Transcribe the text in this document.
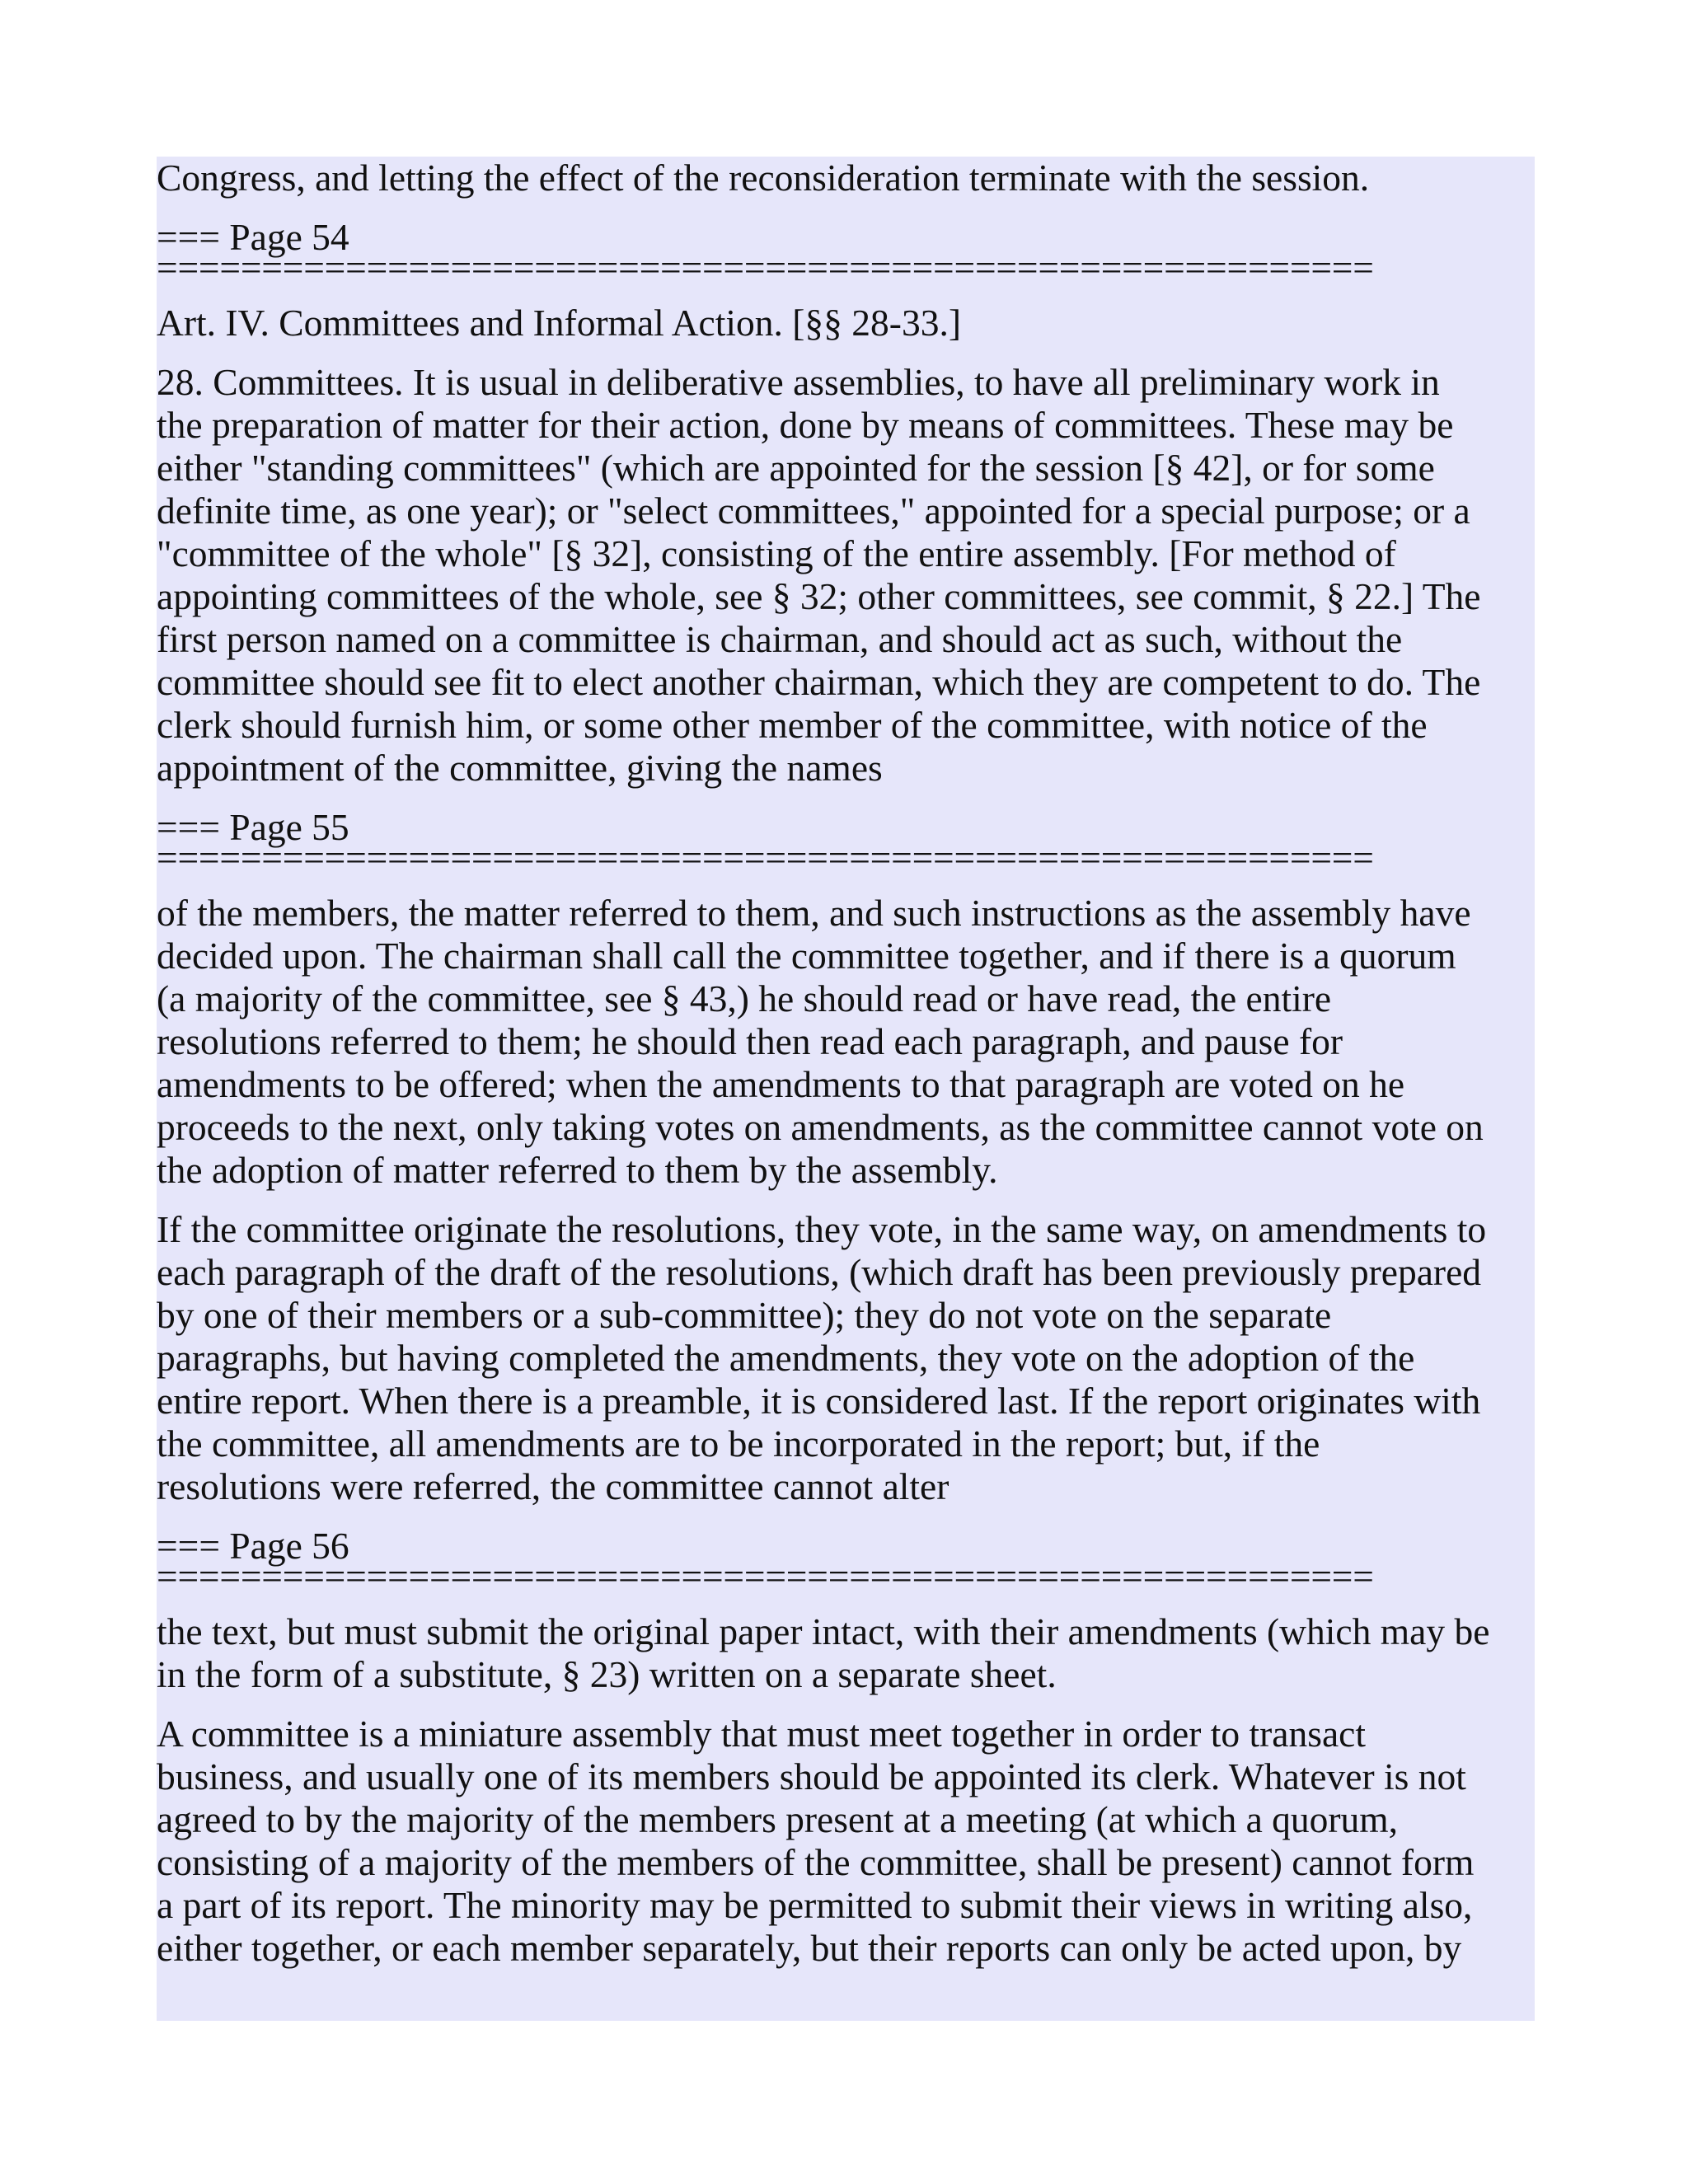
Congress, and letting the effect of the reconsideration terminate with the session.
=== Page 54
==========================================================
Art. IV. Committees and Informal Action. [§§ 28-33.]
28. Committees. It is usual in deliberative assemblies, to have all preliminary work in
the preparation of matter for their action, done by means of committees. These may be
either "standing committees" (which are appointed for the session [§ 42], or for some
definite time, as one year); or "select committees," appointed for a special purpose; or a
"committee of the whole" [§ 32], consisting of the entire assembly. [For method of
appointing committees of the whole, see § 32; other committees, see commit, § 22.] The
first person named on a committee is chairman, and should act as such, without the
committee should see fit to elect another chairman, which they are competent to do. The
clerk should furnish him, or some other member of the committee, with notice of the
appointment of the committee, giving the names
=== Page 55
==========================================================
of the members, the matter referred to them, and such instructions as the assembly have
decided upon. The chairman shall call the committee together, and if there is a quorum
(a majority of the committee, see § 43,) he should read or have read, the entire
resolutions referred to them; he should then read each paragraph, and pause for
amendments to be offered; when the amendments to that paragraph are voted on he
proceeds to the next, only taking votes on amendments, as the committee cannot vote on
the adoption of matter referred to them by the assembly.
If the committee originate the resolutions, they vote, in the same way, on amendments to
each paragraph of the draft of the resolutions, (which draft has been previously prepared
by one of their members or a sub-committee); they do not vote on the separate
paragraphs, but having completed the amendments, they vote on the adoption of the
entire report. When there is a preamble, it is considered last. If the report originates with
the committee, all amendments are to be incorporated in the report; but, if the
resolutions were referred, the committee cannot alter
=== Page 56
==========================================================
the text, but must submit the original paper intact, with their amendments (which may be
in the form of a substitute, § 23) written on a separate sheet.
A committee is a miniature assembly that must meet together in order to transact
business, and usually one of its members should be appointed its clerk. Whatever is not
agreed to by the majority of the members present at a meeting (at which a quorum,
consisting of a majority of the members of the committee, shall be present) cannot form
a part of its report. The minority may be permitted to submit their views in writing also,
either together, or each member separately, but their reports can only be acted upon, by
